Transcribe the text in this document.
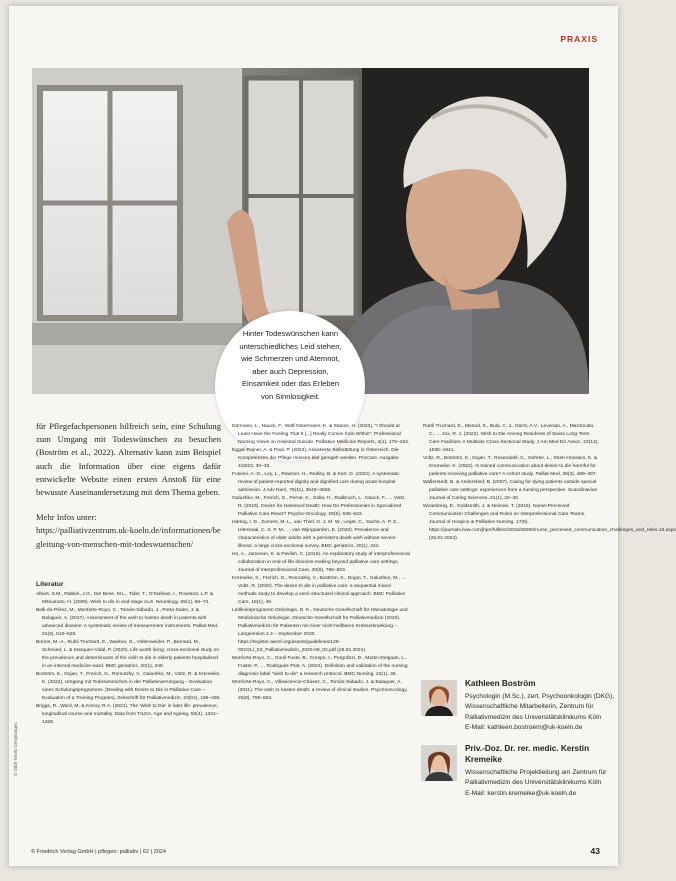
PRAXIS

Hinter Todeswünschen kann unterschiedliches Leid stehen, wie Schmerzen und Atemnot, aber auch Depression, Einsamkeit oder das Erleben von Sinnlosigkeit.

© Gibb-Nonis Gettyimages

für Pflegefachpersonen hilfreich sein, eine Schulung zum Umgang mit Todeswünschen zu besuchen (Boström et al., 2022). Alternativ kann zum Beispiel auch die Information über eine eigens dafür entwickelte Website einen ersten Anstoß für eine bewusste Auseinandersetzung mit dem Thema geben.

Mehr Infos unter:

https://palliativzentrum.uk-koeln.de/informationen/begleitung-von-menschen-mit-todeswuenschen/

Literatur

Albert, S.M., Rabkin, J.G., Del Bene, M.L., Tider, T., O'Sullivan, I., Rowland, L.P. & Mitsumoto, H. (2005). Wish to die in end-stage ALS. Neurology, 65(1), 68–74.

Belli-do-Pérez, M., Monforte-Royo, C., Tomás-Sábado, J., Porta-Sales, J. & Balaguer, A. (2017). Assessment of the wish to hasten death in patients with advanced disease: A systematic review of measurement instruments. Palliat Med, 31(6), 510–525.

Bornet, M.-A., Rubli Truchard, E., Waeber, G., Vollenweider, P., Bernard, M., Schmied, L. & Marques-Vidal, P. (2020). Life worth living: cross-sectional study on the prevalence and determinants of the wish to die in elderly patients hospitalized in an internal medicine ward. BMC geriatrics, 20(1), 348.

Boström, K., Dojan, T., Frerich, G., Romotzky, V., Galushko, M., Voltz, R. & Kremeike, K. (2022). Umgang mit Todeswünschen in der Palliativversorgung – Evaluation eines Schulungsprogramms. [Dealing with Desire to Die in Palliative Care – Evaluation of a Training Program]. Zeitschrift für Palliativmedizin, 23(04), 196–206.

Briggs, R., Ward, M. & Kenny, R.A. (2021). The 'Wish to Die' in later life: prevalence, longitudinal course and mortality. Data from TILDA. Age and Ageing, 50(4), 1321–1328.

Dörmann, L., Nauck, F., Wolf-Ostermann, K. & Stanze, H. (2023). "I Should at Least Have the Feeling That It [...] Really Comes from Within": Professional Nursing Views on Assisted Suicide. Palliative Medicine Reports, 4(1), 175–184.

Eggar-Rainer, A. & Paal, P. (2023). Assistierte Selbsttötung in Österreich. Die Kompetenzen der Pflege müssen klar geregelt werden. ProCare. Ausgabe 4/2023, 30–33.

Fuseini, A.-G., Ley, L., Rawson, H., Redley, B. & Kerr, D. (2022). A systematic review of patient-reported dignity and dignified care during acute hospital admission. J Adv Nurs, 78(11), 3540–3558.

Galushko, M., Frerich, G., Perrar, K., Golla, H., Radbruch, L., Nauck, F., ... Voltz, R. (2016). Desire for Hastened Death: How Do Professionals in Specialized Palliative Care React? Psycho-Oncology, 25(5), 536–543.

Hartog, I. D., Zomers, M. L., van Thiel, G. J. M. W., Leget, C., Sachs, A. P. E., Uiterwaal, C. S. P. M., ... van Wijngaarden, E. (2020). Prevalence and characteristics of older adults with a persistent death wish without severe illness: a large cross-sectional survey. BMC geriatrics, 20(1), 342.

Ho, A., Jameson, K. & Pavlish, C. (2016). An exploratory study of interprofessional collaboration in end-of-life decision-making beyond palliative care settings. Journal of Interprofessional Care, 30(6), 795–803.

Kremeike, K., Frerich, G., Romotzky, V., Boström, K., Dojan, T., Galushko, M., ... Voltz, R. (2020). The desire to die in palliative care: a sequential mixed methods study to develop a semi-structured clinical approach. BMC Palliative Care, 19(1), 49.

Leitlinienprogramm Onkologie, D. K., Deutsche Gesellschaft für Hämatologie und Medizinische Onkologie, Deutsche Gesellschaft für Palliativmedizin (2020). Palliativmedizin für Patienten mit einer nicht-heilbaren Krebserkrankung – Langversion 2.2 – September 2020. https://register.awmf.org/assets/guidelines/128-001OLl_S3_Palliativmedizin_2020-09_02.pdf (26.02.2024).

Monforte-Royo, C., Gonil Fuste, B., Crespo, I., Porgolizzi, D., Martin-Delgado, L., Fuster, P., ... Rodriguez-Prat, A. (2024). Definition and validation of the nursing diagnosis label "wish to die" a research protocol. BMC Nursing, 23(1), 38.

Monforte-Royo, C., Villavicencio-Chávez, C., Tomás-Sábado, J. & Balaguer, A. (2011). The wish to hasten death: a review of clinical studies. Psychooncology, 20(8), 795–804.

Rubli Truchard, E., Monod, S., Bula, C. J., Dürst, A.V., Levorato, A., Mazzocato, C., ... Jox, R. J. (2022). Wish to Die Among Residents of Swiss Long-Term Care Facilities: A Multisite Cross-Sectional Study. J Am Med Dir Assoc, 23(12), 1935–1941.

Voltz, R., Boström, K., Dojan, T., Rosendahl, C., Gehrke, L., Shah-Hosseini, K. & Kremeike, K. (2022). Is trained communication about desire to die harmful for patients receiving palliative care? A cohort study. Palliat Med, 36(3), 489–497.

Wallerstedt, B. & Andershed, B. (2007). Caring for dying patients outside special palliative care settings: experiences from a nursing perspective. Scandinavian Journal of Caring Sciences, 21(1), 32–40.

Wiramberg, E., Goldsmith, J. & Neiman, T. (2015). Nurse-Perceived Communication Challenges and Roles on Interprofessional Care Teams. Journal of Hospice & Palliative Nursing, 17(6). https://journals.lww.com/jhpn/fulltext/2015/06000/nurse_perceived_communication_challenges_and_roles.16.aspx (26.02.2024).

Kathleen Boström

Psychologin (M.Sc.), zert. Psychoonkologin (DKG), Wissenschaftliche Mitarbeiterin, Zentrum für Palliativmedizin des Universitätsklinikums Köln

E-Mail: kathleen.bostroem@uk-koeln.de

Priv.-Doz. Dr. rer. medic. Kerstin Kremeike

Wissenschaftliche Projektleitung am Zentrum für Palliativmedizin des Universitätsklinikums Köln

E-Mail: kerstin.kremeike@uk-koeln.de

© Friedrich Verlag GmbH | pflegen: palliativ | 62 | 2024	43
